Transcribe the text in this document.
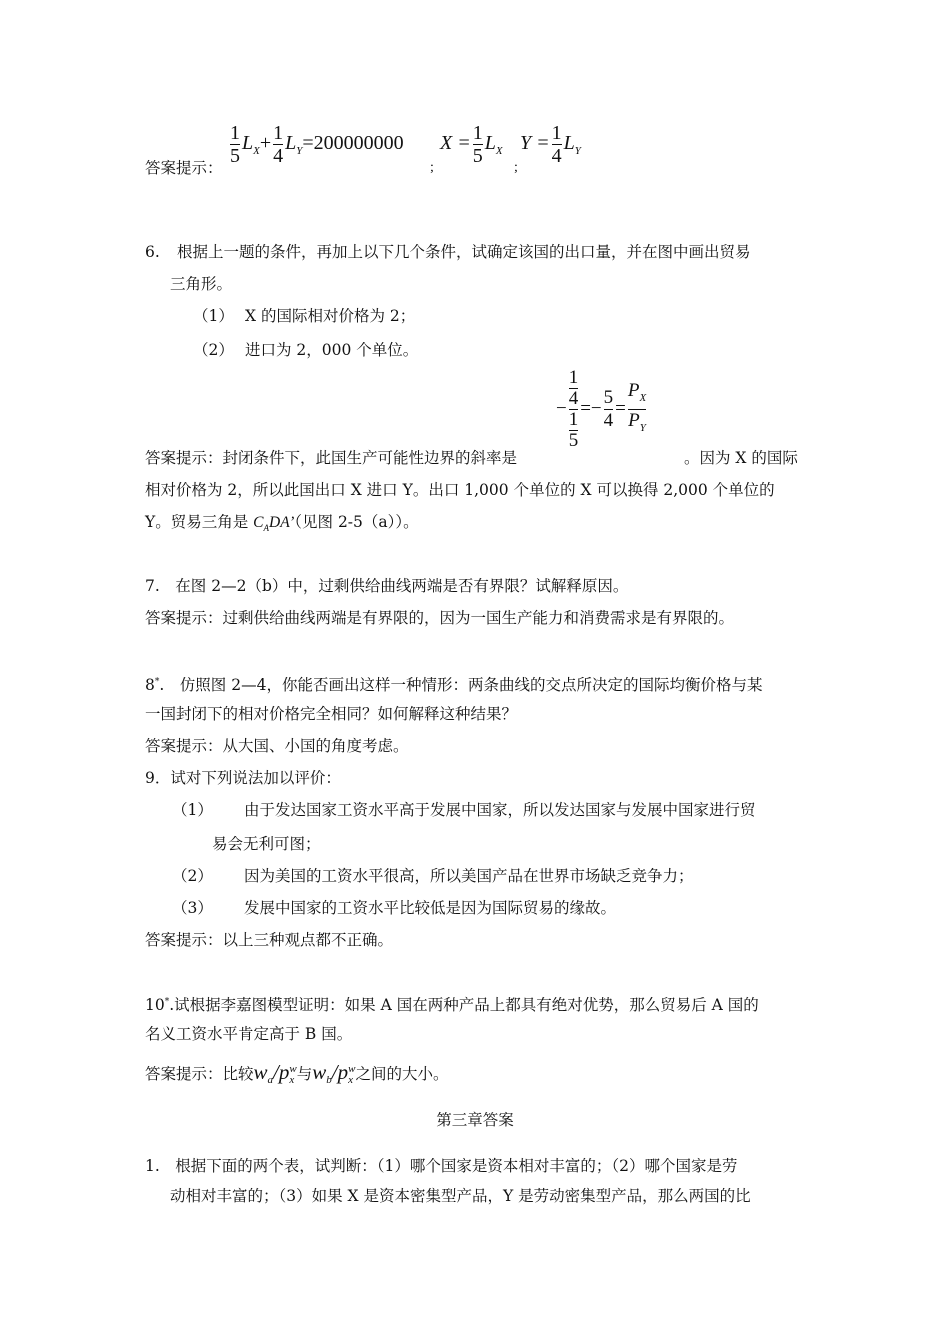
答案提示：
$\frac{1}{5} L_X+ \frac{1}{4} L_Y=200000000$
;
$X = \frac{1}{5} L_X$
;
$Y = \frac{1}{4} L_Y$
6. 根据上一题的条件，再加上以下几个条件，试确定该国的出口量，并在图中画出贸易
三角形。
（1） X 的国际相对价格为 2；
（2） 进口为 2，000 个单位。
− $\frac{\frac{1}{4}}{\frac{1}{5}} =- \frac{5}{4} = \frac{P_X}{P_Y}$
答案提示：封闭条件下，此国生产可能性边界的斜率是	。因为 X 的国际
相对价格为 2，所以此国出口 X 进口 Y。出口 1,000 个单位的 X 可以换得 2,000 个单位的
Y。贸易三角是 $C_ADA$’（见图 2-5（a））。
7.　在图 2—2（b）中，过剩供给曲线两端是否有界限？试解释原因。
答案提示：过剩供给曲线两端是有界限的，因为一国生产能力和消费需求是有界限的。
8*.　仿照图 2—4，你能否画出这样一种情形：两条曲线的交点所决定的国际均衡价格与某
一国封闭下的相对价格完全相同？如何解释这种结果？
答案提示：从大国、小国的角度考虑。
9．试对下列说法加以评价：
（1） 由于发达国家工资水平高于发展中国家，所以发达国家与发展中国家进行贸
易会无利可图；
（2） 因为美国的工资水平很高，所以美国产品在世界市场缺乏竞争力；
（3） 发展中国家的工资水平比较低是因为国际贸易的缘故。
答案提示：以上三种观点都不正确。
10*.试根据李嘉图模型证明：如果 A 国在两种产品上都具有绝对优势，那么贸易后 A 国的
名义工资水平肯定高于 B 国。
答案提示：比较$w_a/p$ w
x 与$w_b/p$ w
x 之间的大小。
第三章答案
1.　根据下面的两个表，试判断：（1）哪个国家是资本相对丰富的；（2）哪个国家是劳
动相对丰富的；（3）如果 X 是资本密集型产品，Y 是劳动密集型产品，那么两国的比
